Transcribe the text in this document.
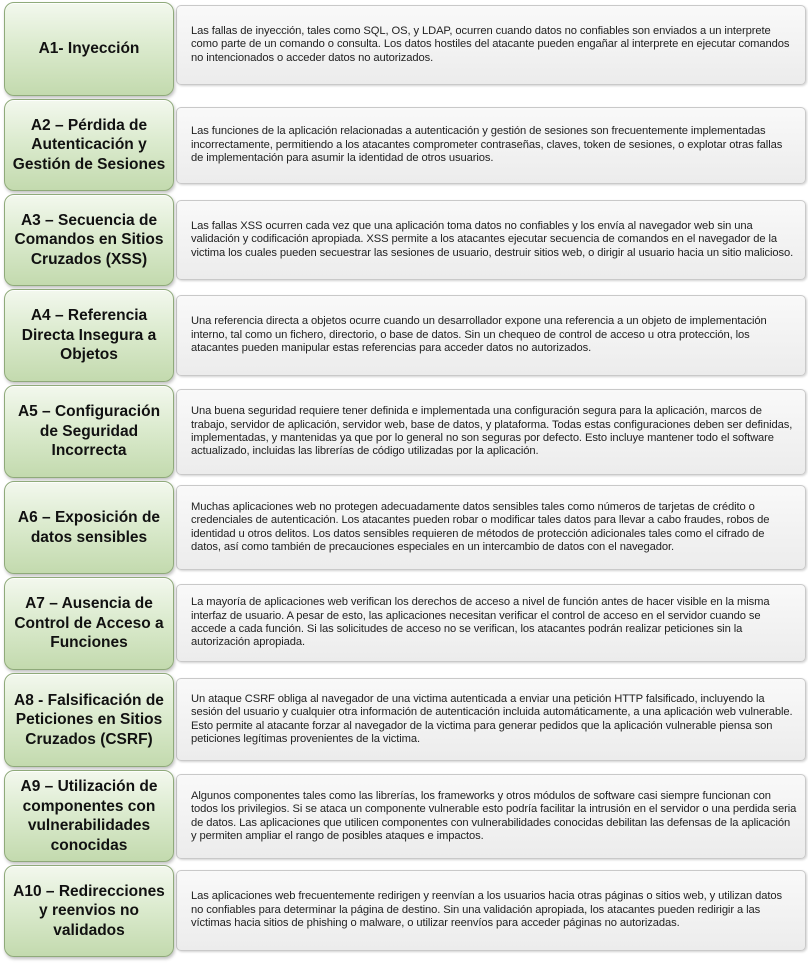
Las fallas de inyección, tales como SQL, OS, y LDAP, ocurren cuando datos no confiables son enviados a un interprete como parte de un comando o consulta. Los datos hostiles del atacante pueden engañar al interprete en ejecutar comandos no intencionados o acceder datos no autorizados.
A1- Inyección
Las funciones de la aplicación relacionadas a autenticación y gestión de sesiones son frecuentemente implementadas incorrectamente, permitiendo a los atacantes comprometer contraseñas, claves, token de sesiones, o explotar otras fallas de implementación para asumir la identidad de otros usuarios.
A2 – Pérdida de Autenticación y Gestión de Sesiones
Las fallas XSS ocurren cada vez que una aplicación toma datos no confiables y los envía al navegador web sin una validación y codificación apropiada. XSS permite a los atacantes ejecutar secuencia de comandos en el navegador de la victima los cuales pueden secuestrar las sesiones de usuario, destruir sitios web, o dirigir al usuario hacia un sitio malicioso.
A3 – Secuencia de Comandos en Sitios Cruzados (XSS)
Una referencia directa a objetos ocurre cuando un desarrollador expone una referencia a un objeto de implementación interno, tal como un fichero, directorio, o base de datos. Sin un chequeo de control de acceso u otra protección, los atacantes pueden manipular estas referencias para acceder datos no autorizados.
A4 – Referencia Directa Insegura a Objetos
Una buena seguridad requiere tener definida e implementada una configuración segura para la aplicación, marcos de trabajo, servidor de aplicación, servidor web, base de datos, y plataforma. Todas estas configuraciones deben ser definidas, implementadas, y mantenidas ya que por lo general no son seguras por defecto. Esto incluye mantener todo el software actualizado, incluidas las librerías de código utilizadas por la aplicación.
A5 – Configuración de Seguridad Incorrecta
Muchas aplicaciones web no protegen adecuadamente datos sensibles tales como números de tarjetas de crédito o credenciales de autenticación. Los atacantes pueden robar o modificar tales datos para llevar a cabo fraudes, robos de identidad u otros delitos. Los datos sensibles requieren de métodos de protección adicionales tales como el cifrado de datos, así como también de precauciones especiales en un intercambio de datos con el navegador.
A6 – Exposición de datos sensibles
La mayoría de aplicaciones web verifican los derechos de acceso a nivel de función antes de hacer visible en la misma interfaz de usuario. A pesar de esto, las aplicaciones necesitan verificar el control de acceso en el servidor cuando se accede a cada función. Si las solicitudes de acceso no se verifican, los atacantes podrán realizar peticiones sin la autorización apropiada.
A7 – Ausencia de Control de Acceso a Funciones
Un ataque CSRF obliga al navegador de una victima autenticada a enviar una petición HTTP falsificado, incluyendo la sesión del usuario y cualquier otra información de autenticación incluida automáticamente, a una aplicación web vulnerable. Esto permite al atacante forzar al navegador de la victima para generar pedidos que la aplicación vulnerable piensa son peticiones legítimas provenientes de la victima.
A8 - Falsificación de Peticiones en Sitios Cruzados (CSRF)
Algunos componentes tales como las librerías, los frameworks y otros módulos de software casi siempre funcionan con todos los privilegios. Si se ataca un componente vulnerable esto podría facilitar la intrusión en el servidor o una perdida seria de datos. Las aplicaciones que utilicen componentes con vulnerabilidades conocidas debilitan las defensas de la aplicación y permiten ampliar el rango de posibles ataques e impactos.
A9 – Utilización de componentes con vulnerabilidades conocidas
Las aplicaciones web frecuentemente redirigen y reenvían a los usuarios hacia otras páginas o sitios web, y utilizan datos no confiables para determinar la página de destino. Sin una validación apropiada, los atacantes pueden redirigir a las víctimas hacia sitios de phishing o malware, o utilizar reenvíos para acceder páginas no autorizadas.
A10 – Redirecciones y reenvios no validados
